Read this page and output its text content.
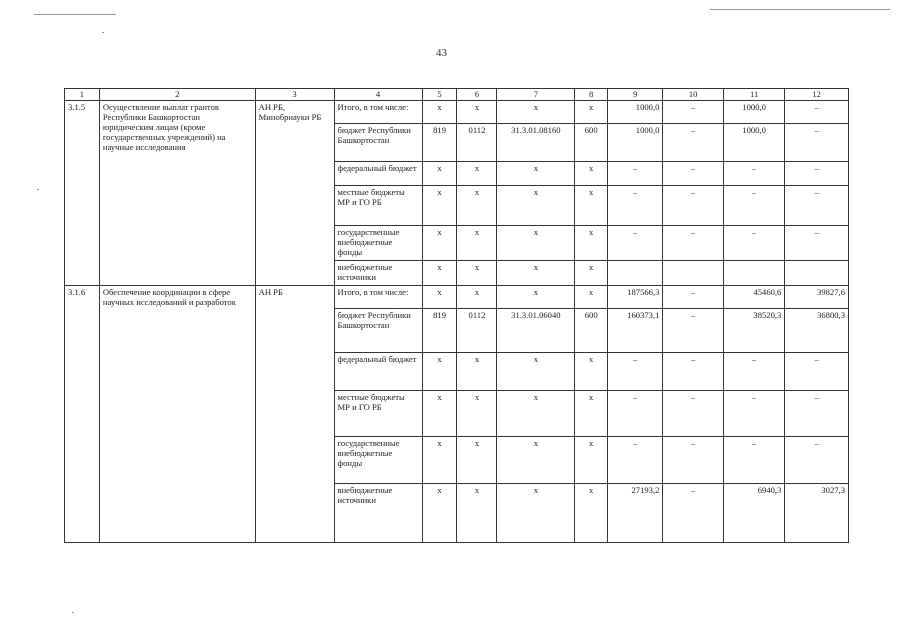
43
1	2	3	4	5	6	7	8	9	10	11	12
3.1.5	Осуществление выплат грантов Республики Башкортостан юридическим лицам (кроме государственных учреждений) на научные исследования	АН РБ, Минобрнауки РБ	Итого, в том числе:	х	х	х	х	1000,0	–	1000,0	–
			бюджет Республики Башкортостан	819	0112	31.3.01.08160	600	1000,0	–	1000,0	–
			федеральный бюджет	х	х	х	х	–	–	–	–
			местные бюджеты МР и ГО РБ	х	х	х	х	–	–	–	–
			государственные внебюджетные фонды	х	х	х	х	–	–	–	–
			внебюджетные источники	х	х	х	х				
3.1.6	Обеспечение координации в сфере научных исследований и разработок	АН РБ	Итого, в том числе:	х	х	х	х	187566,3	–	45460,6	39827,6
			бюджет Республики Башкортостан	819	0112	31.3.01.06040	600	160373,1	–	38520,3	36800,3
			федеральный бюджет	х	х	х	х	–	–	–	–
			местные бюджеты МР и ГО РБ	х	х	х	х	–	–	–	–
			государственные внебюджетные фонды	х	х	х	х	–	–	–	–
			внебюджетные источники	х	х	х	х	27193,2	–	6940,3	3027,3
